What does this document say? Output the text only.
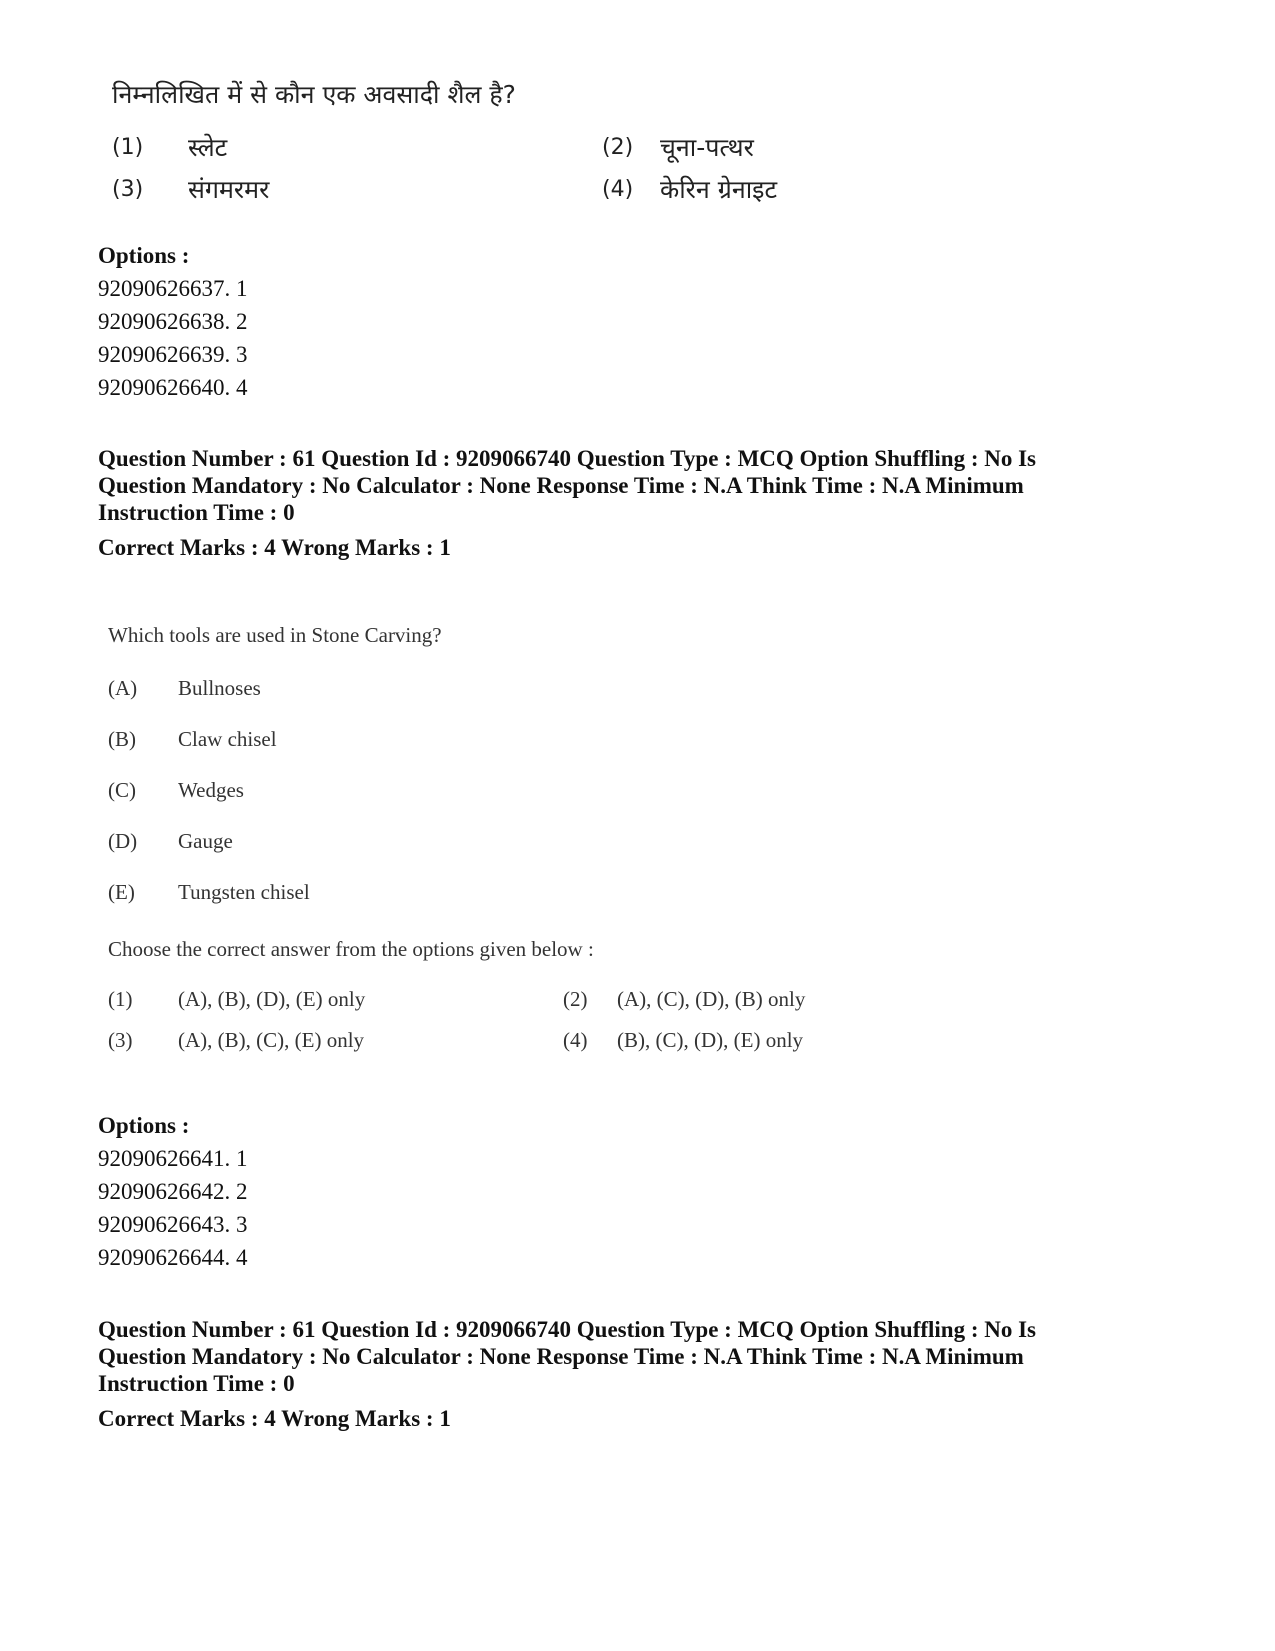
निम्नलिखित में से कौन एक अवसादी शैल है?
(1)	स्लेट	(2)	चूना-पत्थर
(3)	संगमरमर	(4)	केरिन ग्रेनाइट
Options :
92090626637. 1
92090626638. 2
92090626639. 3
92090626640. 4
Question Number : 61 Question Id : 9209066740 Question Type : MCQ Option Shuffling : No Is
Question Mandatory : No Calculator : None Response Time : N.A Think Time : N.A Minimum
Instruction Time : 0
Correct Marks : 4 Wrong Marks : 1
Which tools are used in Stone Carving?
(A)	Bullnoses
(B)	Claw chisel
(C)	Wedges
(D)	Gauge
(E)	Tungsten chisel
Choose the correct answer from the options given below :
(1)	(A), (B), (D), (E) only	(2)	(A), (C), (D), (B) only
(3)	(A), (B), (C), (E) only	(4)	(B), (C), (D), (E) only
Options :
92090626641. 1
92090626642. 2
92090626643. 3
92090626644. 4
Question Number : 61 Question Id : 9209066740 Question Type : MCQ Option Shuffling : No Is
Question Mandatory : No Calculator : None Response Time : N.A Think Time : N.A Minimum
Instruction Time : 0
Correct Marks : 4 Wrong Marks : 1
